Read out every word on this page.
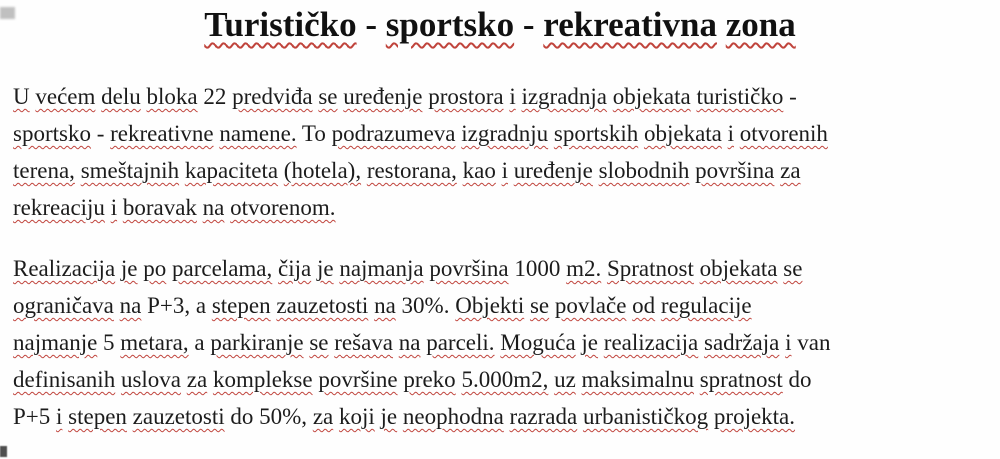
Turističko - sportsko - rekreativna zona
U većem delu bloka 22 predviđa se uređenje prostora i izgradnja objekata turističko -
sportsko - rekreativne namene. To podrazumeva izgradnju sportskih objekata i otvorenih
terena, smeštajnih kapaciteta (hotela), restorana, kao i uređenje slobodnih površina za
rekreaciju i boravak na otvorenom.
Realizacija je po parcelama, čija je najmanja površina 1000 m2. Spratnost objekata se
ograničava na P+3, a stepen zauzetosti na 30%. Objekti se povlače od regulacije
najmanje 5 metara, a parkiranje se rešava na parceli. Moguća je realizacija sadržaja i van
definisanih uslova za komplekse površine preko 5.000m2, uz maksimalnu spratnost do
P+5 i stepen zauzetosti do 50%, za koji je neophodna razrada urbanističkog projekta.
